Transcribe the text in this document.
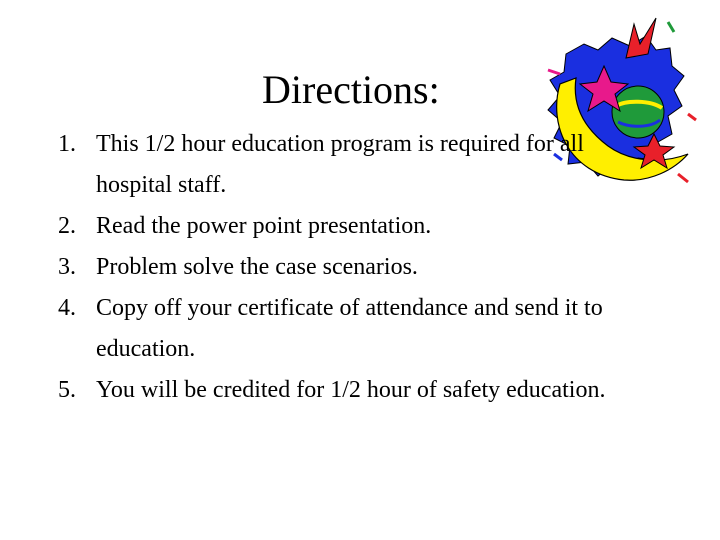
Directions:
1. This 1/2 hour education program is required for all hospital staff.
2. Read the power point presentation.
3. Problem solve the case scenarios.
4. Copy off your certificate of attendance and send it to education.
5. You will be credited for 1/2 hour of safety education.
